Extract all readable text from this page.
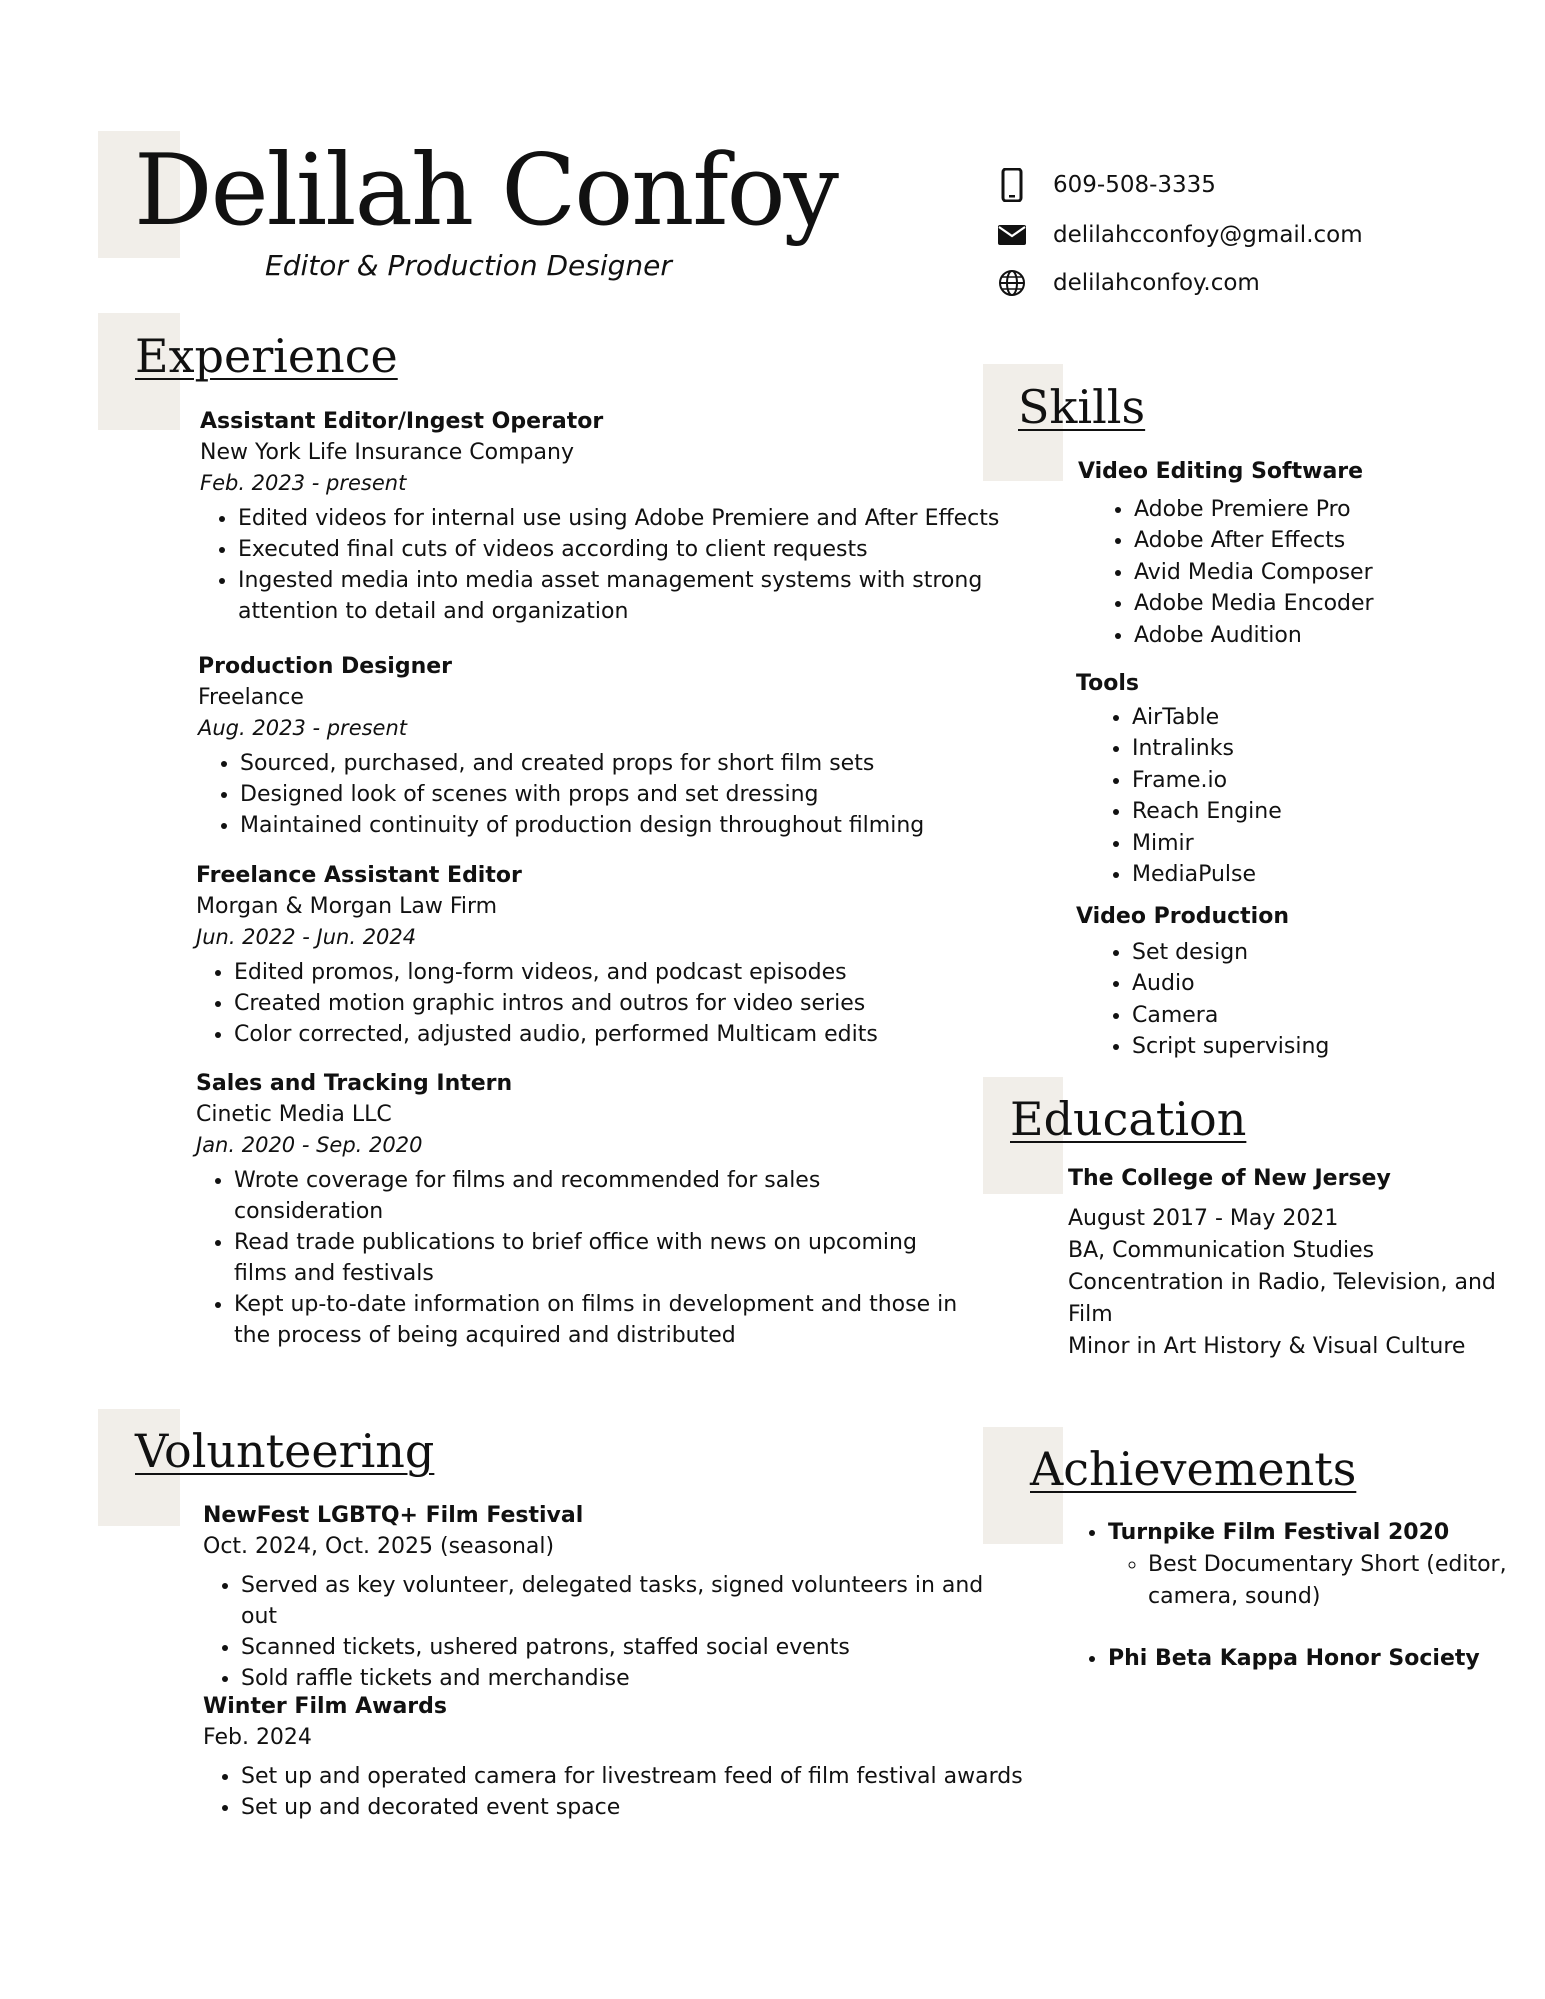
Delilah Confoy
Editor & Production Designer
609-508-3335
delilahcconfoy@gmail.com
delilahconfoy.com
Experience
Assistant Editor/Ingest Operator
New York Life Insurance Company
Feb. 2023 - present
• Edited videos for internal use using Adobe Premiere and After Effects
• Executed final cuts of videos according to client requests
• Ingested media into media asset management systems with strong attention to detail and organization
Production Designer
Freelance
Aug. 2023 - present
• Sourced, purchased, and created props for short film sets
• Designed look of scenes with props and set dressing
• Maintained continuity of production design throughout filming
Freelance Assistant Editor
Morgan & Morgan Law Firm
Jun. 2022 - Jun. 2024
• Edited promos, long-form videos, and podcast episodes
• Created motion graphic intros and outros for video series
• Color corrected, adjusted audio, performed Multicam edits
Sales and Tracking Intern
Cinetic Media LLC
Jan. 2020 - Sep. 2020
• Wrote coverage for films and recommended for sales consideration
• Read trade publications to brief office with news on upcoming films and festivals
• Kept up-to-date information on films in development and those in the process of being acquired and distributed
Volunteering
NewFest LGBTQ+ Film Festival
Oct. 2024, Oct. 2025 (seasonal)
• Served as key volunteer, delegated tasks, signed volunteers in and out
• Scanned tickets, ushered patrons, staffed social events
• Sold raffle tickets and merchandise
Winter Film Awards
Feb. 2024
• Set up and operated camera for livestream feed of film festival awards
• Set up and decorated event space
Skills
Video Editing Software
• Adobe Premiere Pro
• Adobe After Effects
• Avid Media Composer
• Adobe Media Encoder
• Adobe Audition
Tools
• AirTable
• Intralinks
• Frame.io
• Reach Engine
• Mimir
• MediaPulse
Video Production
• Set design
• Audio
• Camera
• Script supervising
Education
The College of New Jersey
August 2017 - May 2021
BA, Communication Studies
Concentration in Radio, Television, and Film
Minor in Art History & Visual Culture
Achievements
• Turnpike Film Festival 2020
◦ Best Documentary Short (editor, camera, sound)
• Phi Beta Kappa Honor Society
